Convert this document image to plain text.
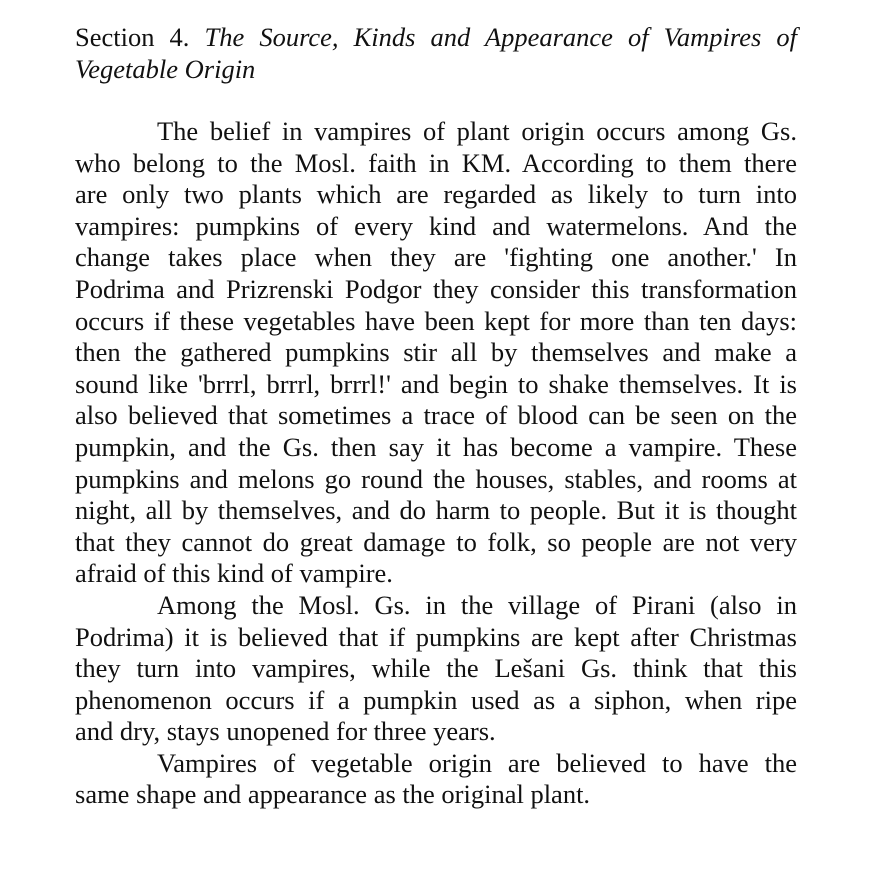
Section 4. The Source, Kinds and Appearance of Vampires of
Vegetable Origin

The belief in vampires of plant origin occurs among Gs.
who belong to the Mosl. faith in KM. According to them there
are only two plants which are regarded as likely to turn into
vampires: pumpkins of every kind and watermelons. And the
change takes place when they are 'fighting one another.' In
Podrima and Prizrenski Podgor they consider this transformation
occurs if these vegetables have been kept for more than ten days:
then the gathered pumpkins stir all by themselves and make a
sound like 'brrrl, brrrl, brrrl!' and begin to shake themselves. It is
also believed that sometimes a trace of blood can be seen on the
pumpkin, and the Gs. then say it has become a vampire. These
pumpkins and melons go round the houses, stables, and rooms at
night, all by themselves, and do harm to people. But it is thought
that they cannot do great damage to folk, so people are not very
afraid of this kind of vampire.

Among the Mosl. Gs. in the village of Pirani (also in
Podrima) it is believed that if pumpkins are kept after Christmas
they turn into vampires, while the Lešani Gs. think that this
phenomenon occurs if a pumpkin used as a siphon, when ripe
and dry, stays unopened for three years.

Vampires of vegetable origin are believed to have the
same shape and appearance as the original plant.
